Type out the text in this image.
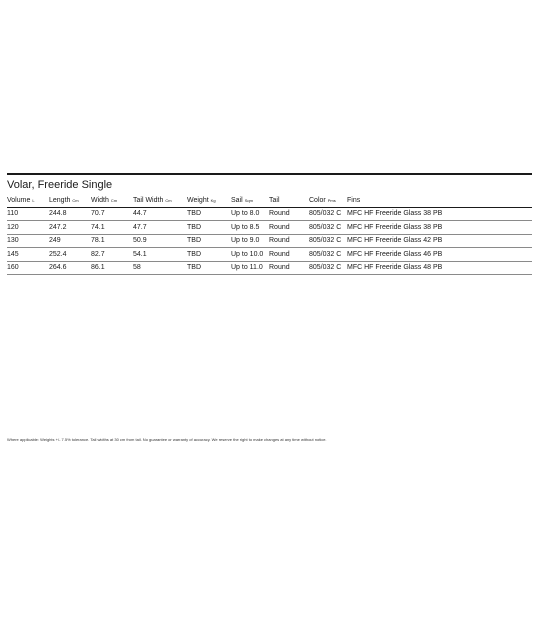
Volar, Freeride Single
Volume L	Length Cm	Width Cm	Tail Width Cm	Weight Kg	Sail Sqm	Tail	Color Pms	Fins
110	244.8	70.7	44.7	TBD	Up to 8.0	Round	805/032 C	MFC HF Freeride Glass 38 PB
120	247.2	74.1	47.7	TBD	Up to 8.5	Round	805/032 C	MFC HF Freeride Glass 38 PB
130	249	78.1	50.9	TBD	Up to 9.0	Round	805/032 C	MFC HF Freeride Glass 42 PB
145	252.4	82.7	54.1	TBD	Up to 10.0	Round	805/032 C	MFC HF Freeride Glass 46 PB
160	264.6	86.1	58	TBD	Up to 11.0	Round	805/032 C	MFC HF Freeride Glass 48 PB
Where applicable: Weights +/- 7.5% tolerance. Tail widths at 30 cm from tail. No guarantee or warranty of accuracy. We reserve the right to make changes at any time without notice.
